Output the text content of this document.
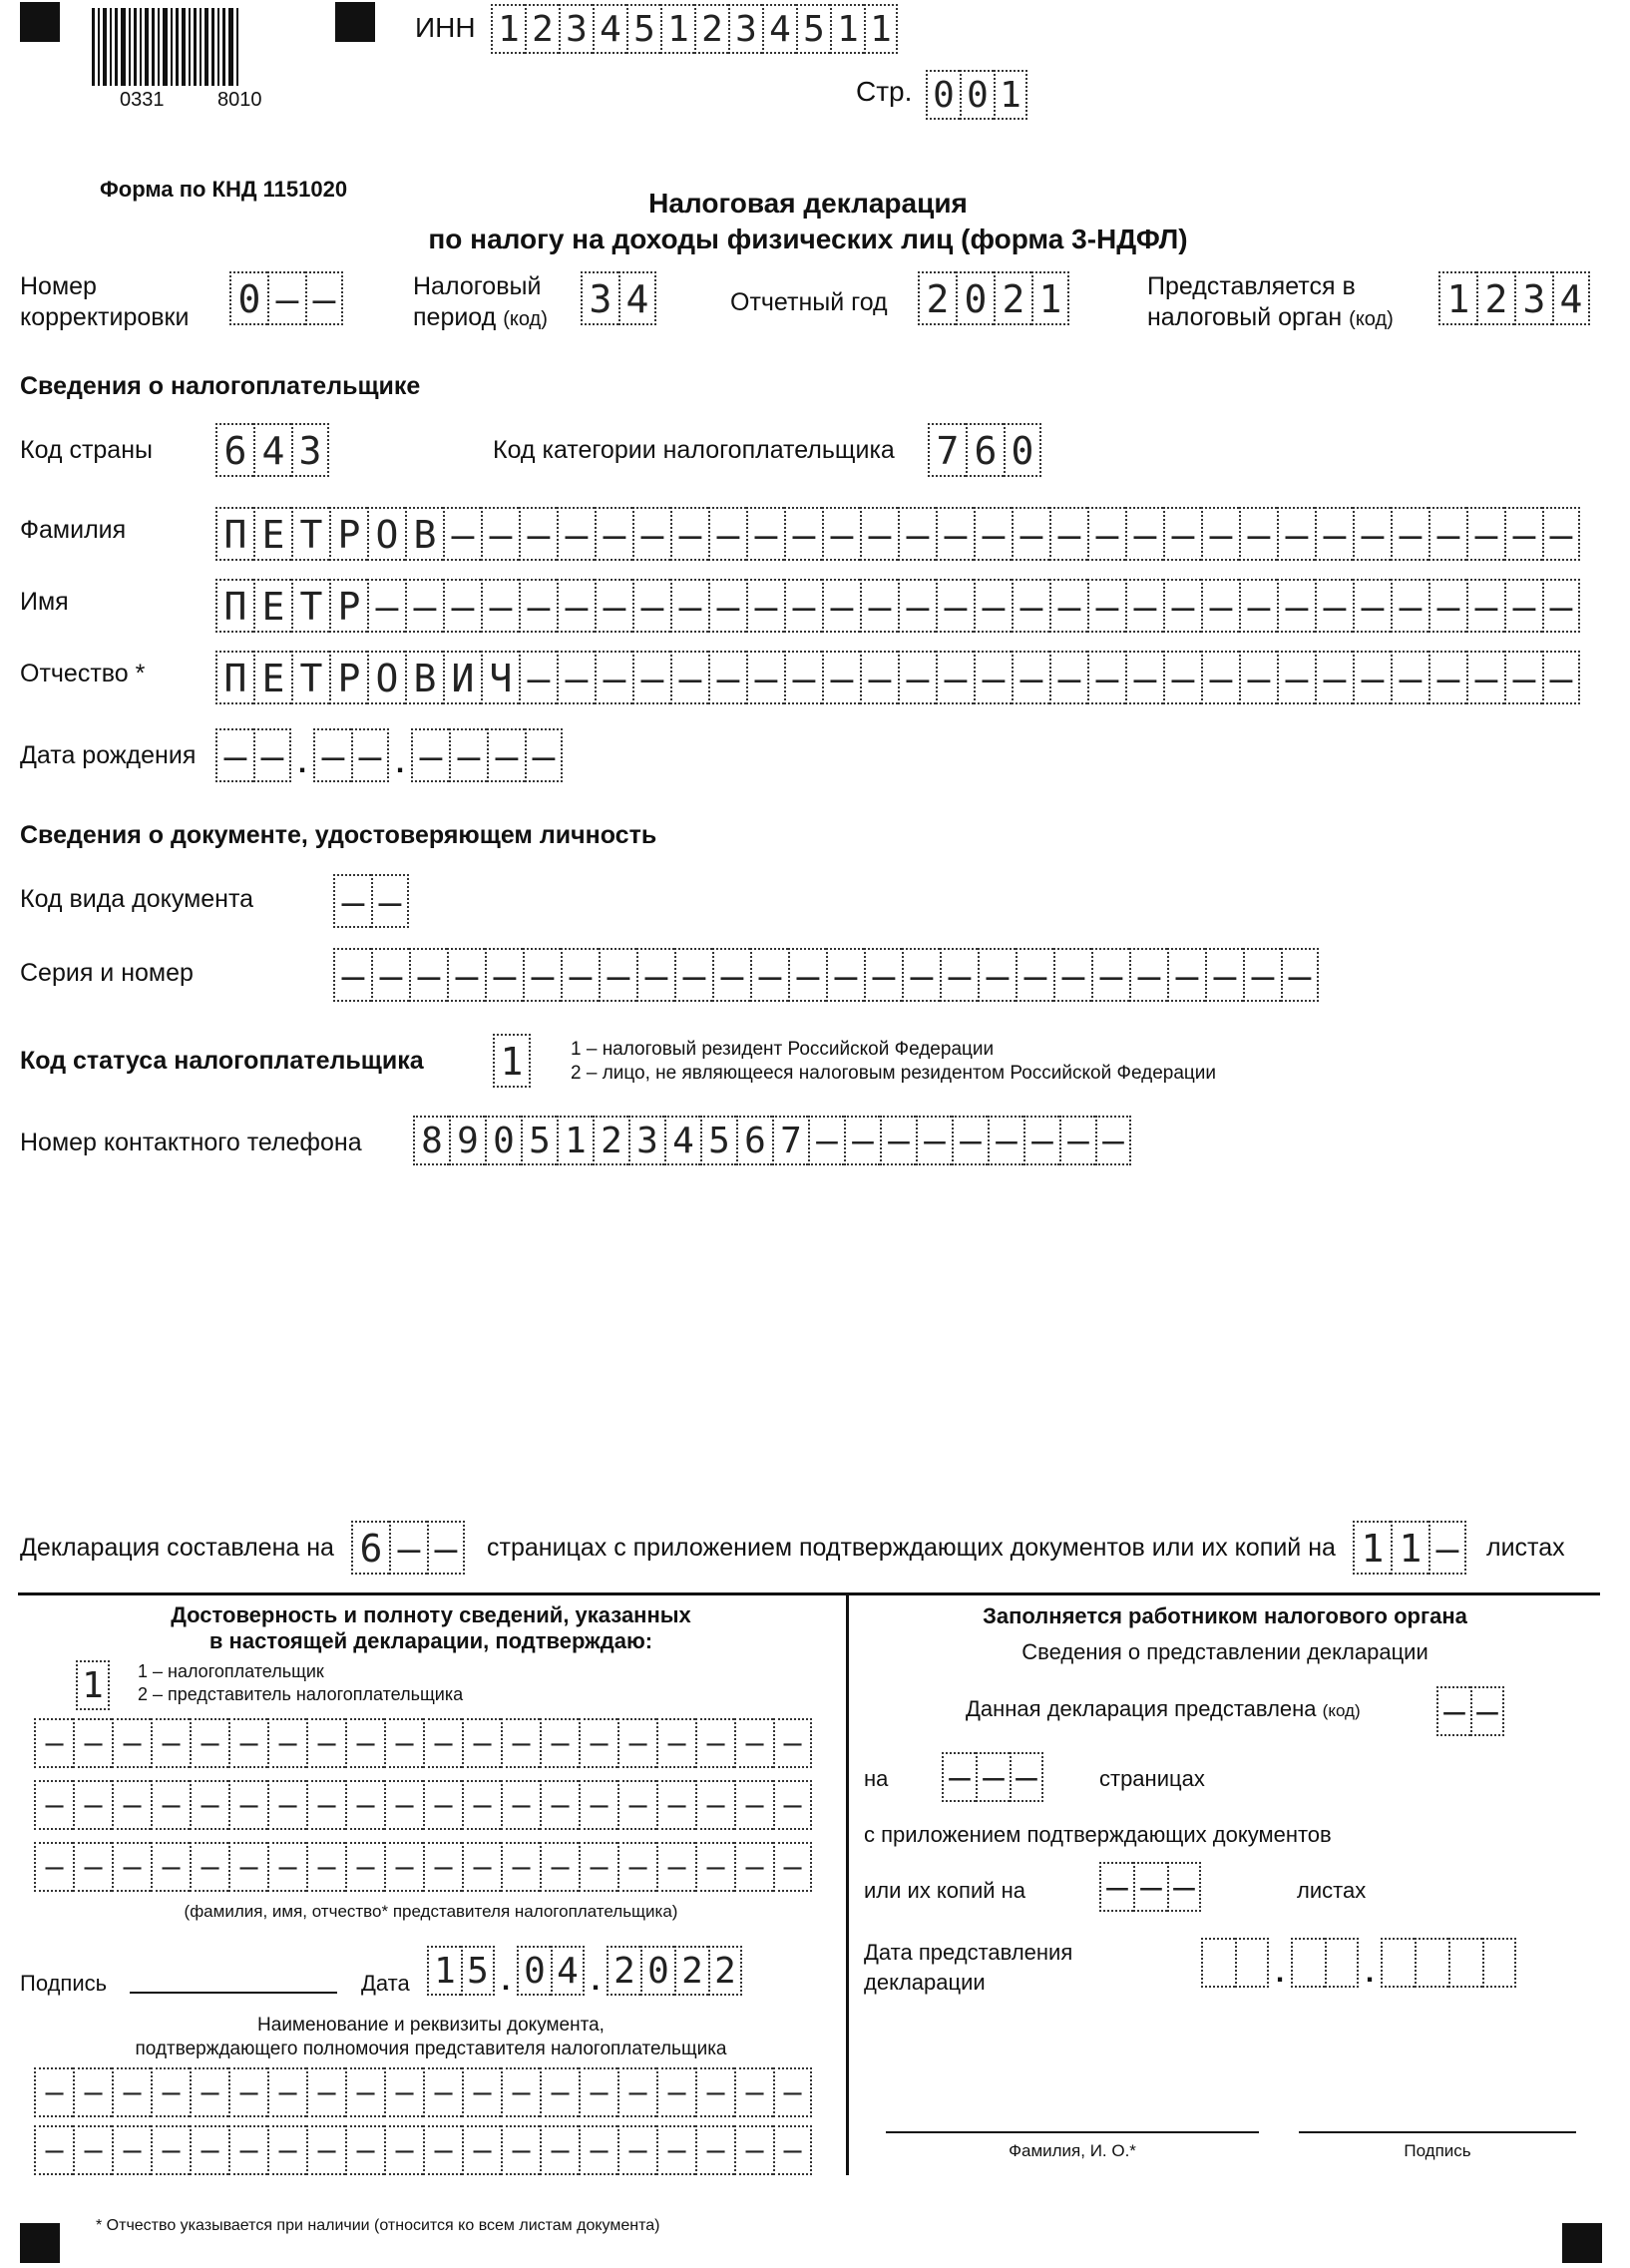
0331	8010
ИНН 1 2 3 4 5 1 2 3 4 5 1 1
Стр. 0 0 1
Форма по КНД 1151020	Налоговая декларация
по налогу на доходы физических лиц (форма 3-НДФЛ)
Номер
корректировки 0 – –	Налоговый
период (код) 3 4	Отчетный год 2 0 2 1	Представляется в
налоговый орган (код) 1 2 3 4
Сведения о налогоплательщике
Код страны 6 4 3	Код категории налогоплательщика 7 6 0
Фамилия	П Е Т Р О В – – – – – – – – – – – – – – – – – – – – – – – – – – – – – –
Имя	П Е Т Р – – – – – – – – – – – – – – – – – – – – – – – – – – – – – – – –
Отчество * П Е Т Р О В И Ч – – – – – – – – – – – – – – – – – – – – – – – – – – – –
Дата рождения – – . – – . – – – –
Сведения о документе, удостоверяющем личность
Код вида документа – –
Серия и номер	– – – – – – – – – – – – – – – – – – – – – – – – – –
Код статуса налогоплательщика 1	1 – налоговый резидент Российской Федерации
2 – лицо, не являющееся налоговым резидентом Российской Федерации
Номер контактного телефона 8 9 0 5 1 2 3 4 5 6 7 – – – – – – – – –
Декларация составлена на 6 – –	страницах с приложением подтверждающих документов или их копий на 1 1 –	листах
Достоверность и полноту сведений, указанных
в настоящей декларации, подтверждаю:
1	1 – налогоплательщик
2 – представитель налогоплательщика
– – – – – – – – – – – – – – – – – – – –
– – – – – – – – – – – – – – – – – – – –
(фамилия, имя, отчество* представителя налогоплательщика)
– – – – – – – – – – – – – – – – – – – –
Подпись	Дата 1 5 . 0 4 . 2 0 2 2
Наименование и реквизиты документа,
подтверждающего полномочия представителя налогоплательщика
– – – – – – – – – – – – – – – – – – – –
– – – – – – – – – – – – – – – – – – – –
Заполняется работником налогового органа
Сведения о представлении декларации
Данная декларация представлена (код) – –
на – – –	страницах
с приложением подтверждающих документов
или их копий на – – –	листах
Дата представления
декларации	.	.
Фамилия, И. О.*	Подпись
* Отчество указывается при наличии (относится ко всем листам документа)
